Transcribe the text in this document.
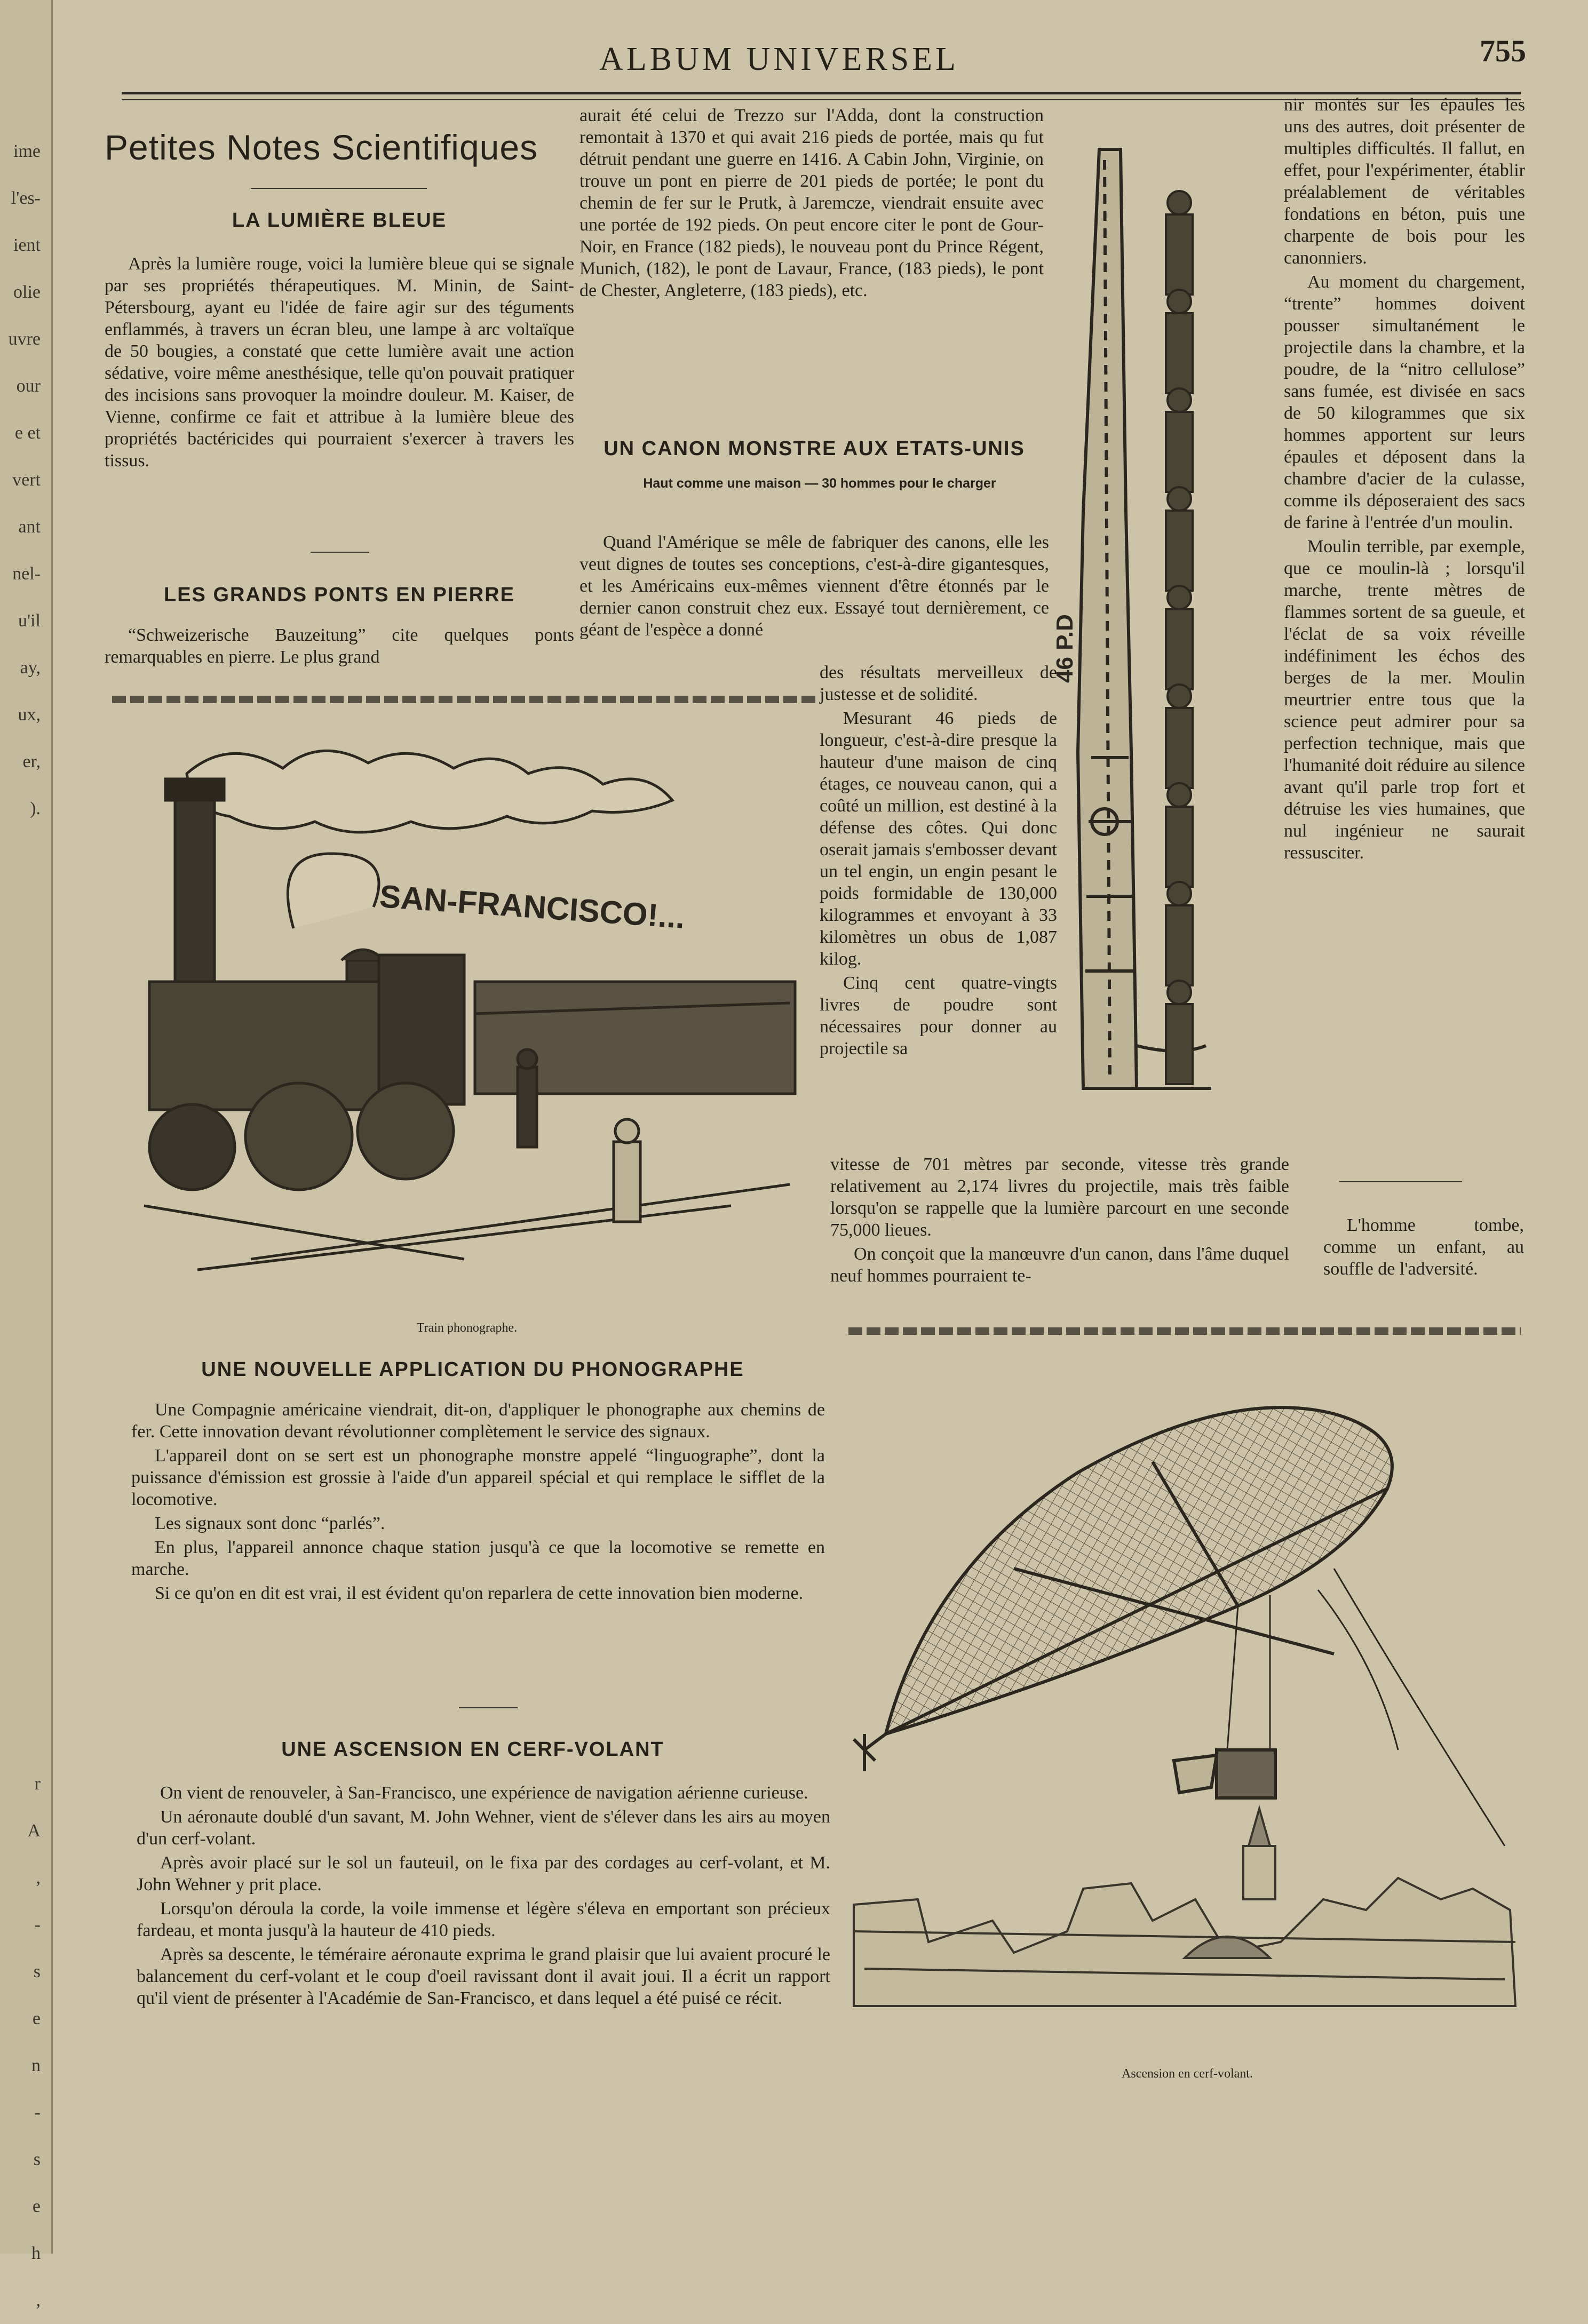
ime
l'es-
ient
olie
uvre
our
e et
vert
ant
nel-
u'il
ay,
ux,
er,
).
r
A
,
-
s
e
n
-
s
e
h
,
ALBUM UNIVERSEL	755
Petites Notes Scientifiques
LA LUMIÈRE BLEUE

Après la lumière rouge, voici la lumière bleue qui se signale par ses propriétés thérapeutiques. M. Minin, de Saint-Pétersbourg, ayant eu l'idée de faire agir sur des téguments enflammés, à travers un écran bleu, une lampe à arc voltaïque de 50 bougies, a constaté que cette lumière avait une action sédative, voire même anesthésique, telle qu'on pouvait pratiquer des incisions sans provoquer la moindre douleur. M. Kaiser, de Vienne, confirme ce fait et attribue à la lumière bleue des propriétés bactéricides qui pourraient s'exercer à travers les tissus.

LES GRANDS PONTS EN PIERRE

“Schweizerische Bauzeitung” cite quelques ponts remarquables en pierre. Le plus grand

aurait été celui de Trezzo sur l'Adda, dont la construction remontait à 1370 et qui avait 216 pieds de portée, mais qu fut détruit pendant une guerre en 1416. A Cabin John, Virginie, on trouve un pont en pierre de 201 pieds de portée; le pont du chemin de fer sur le Prutk, à Jaremcze, viendrait ensuite avec une portée de 192 pieds. On peut encore citer le pont de Gour-Noir, en France (182 pieds), le nouveau pont du Prince Régent, Munich, (182), le pont de Lavaur, France, (183 pieds), le pont de Chester, Angleterre, (183 pieds), etc.

UN CANON MONSTRE AUX ETATS-UNIS
Haut comme une maison — 30 hommes pour le charger

Quand l'Amérique se mêle de fabriquer des canons, elle les veut dignes de toutes ses conceptions, c'est-à-dire gigantesques, et les Américains eux-mêmes viennent d'être étonnés par le dernier canon construit chez eux. Essayé tout dernièrement, ce géant de l'espèce a donné

des résultats merveilleux de justesse et de solidité.

Mesurant 46 pieds de longueur, c'est-à-dire presque la hauteur d'une maison de cinq étages, ce nouveau canon, qui a coûté un million, est destiné à la défense des côtes. Qui donc oserait jamais s'embosser devant un tel engin, un engin pesant le poids formidable de 130,000 kilogrammes et envoyant à 33 kilomètres un obus de 1,087 kilog.

Cinq cent quatre-vingts livres de poudre sont nécessaires pour donner au projectile sa

vitesse de 701 mètres par seconde, vitesse très grande relativement au 2,174 livres du projectile, mais très faible lorsqu'on se rappelle que la lumière parcourt en une seconde 75,000 lieues.

On conçoit que la manœuvre d'un canon, dans l'âme duquel neuf hommes pourraient te-

nir montés sur les épaules les uns des autres, doit présenter de multiples difficultés. Il fallut, en effet, pour l'expérimenter, établir préalablement de véritables fondations en béton, puis une charpente de bois pour les canonniers.

Au moment du chargement, “trente” hommes doivent pousser simultanément le projectile dans la chambre, et la poudre, de la “nitro cellulose” sans fumée, est divisée en sacs de 50 kilogrammes que six hommes apportent sur leurs épaules et déposent dans la chambre d'acier de la culasse, comme ils déposeraient des sacs de farine à l'entrée d'un moulin.

Moulin terrible, par exemple, que ce moulin-là ; lorsqu'il marche, trente mètres de flammes sortent de sa gueule, et l'éclat de sa voix réveille indéfiniment les échos des berges de la mer. Moulin meurtrier entre tous que la science peut admirer pour sa perfection technique, mais que l'humanité doit réduire au silence avant qu'il parle trop fort et détruise les vies humaines, que nul ingénieur ne saurait ressusciter.

L'homme tombe, comme un enfant, au souffle de l'adversité.

46 P.D
SAN-FRANCISCO!...
Train phonographe.
UNE NOUVELLE APPLICATION DU PHONOGRAPHE

Une Compagnie américaine viendrait, dit-on, d'appliquer le phonographe aux chemins de fer. Cette innovation devant révolutionner complètement le service des signaux.

L'appareil dont on se sert est un phonographe monstre appelé “linguographe”, dont la puissance d'émission est grossie à l'aide d'un appareil spécial et qui remplace le sifflet de la locomotive.

Les signaux sont donc “parlés”.

En plus, l'appareil annonce chaque station jusqu'à ce que la locomotive se remette en marche.

Si ce qu'on en dit est vrai, il est évident qu'on reparlera de cette innovation bien moderne.

UNE ASCENSION EN CERF-VOLANT

On vient de renouveler, à San-Francisco, une expérience de navigation aérienne curieuse.

Un aéronaute doublé d'un savant, M. John Wehner, vient de s'élever dans les airs au moyen d'un cerf-volant.

Après avoir placé sur le sol un fauteuil, on le fixa par des cordages au cerf-volant, et M. John Wehner y prit place.

Lorsqu'on déroula la corde, la voile immense et légère s'éleva en emportant son précieux fardeau, et monta jusqu'à la hauteur de 410 pieds.

Après sa descente, le téméraire aéronaute exprima le grand plaisir que lui avaient procuré le balancement du cerf-volant et le coup d'oeil ravissant dont il avait joui. Il a écrit un rapport qu'il vient de présenter à l'Académie de San-Francisco, et dans lequel a été puisé ce récit.

Ascension en cerf-volant.
